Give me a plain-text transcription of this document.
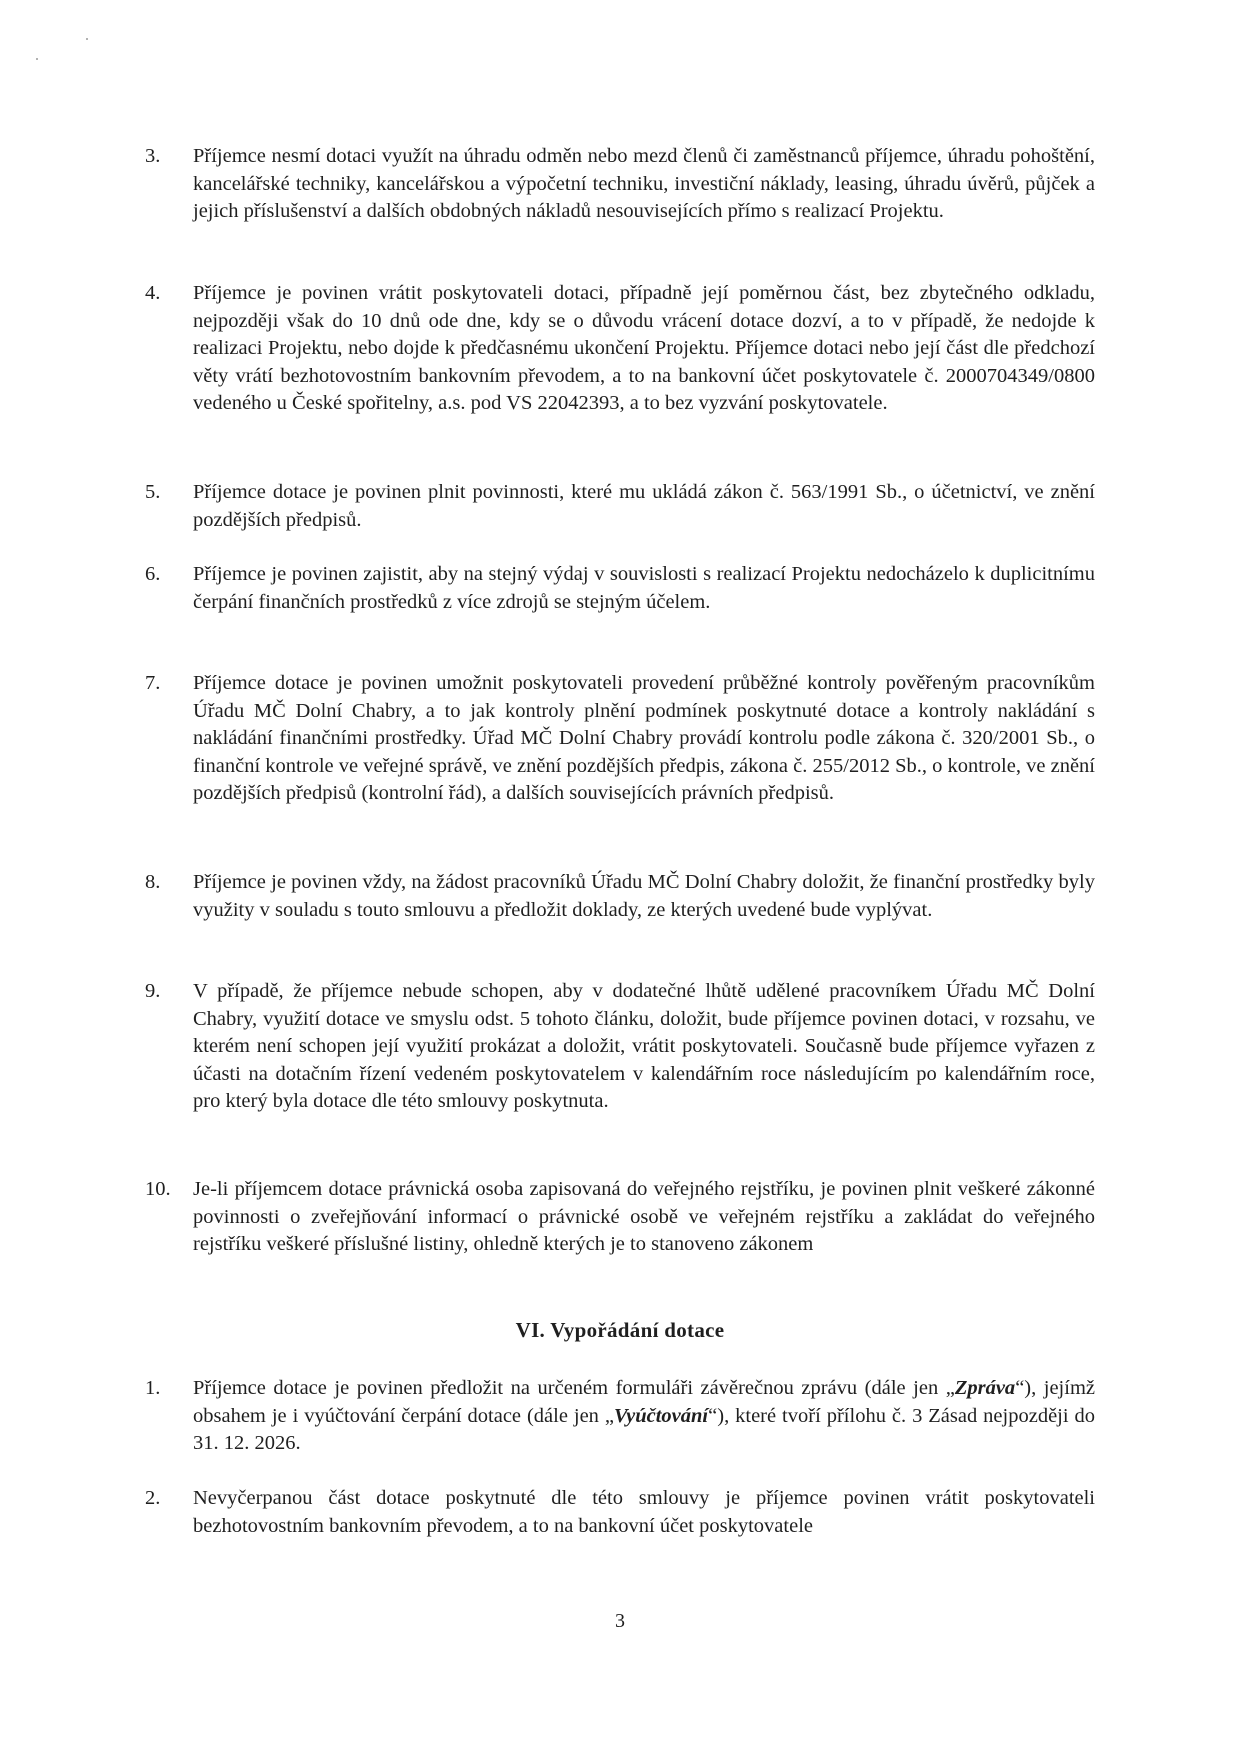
3.	Příjemce nesmí dotaci využít na úhradu odměn nebo mezd členů či zaměstnanců příjemce, úhradu pohoštění, kancelářské techniky, kancelářskou a výpočetní techniku, investiční náklady, leasing, úhradu úvěrů, půjček a jejich příslušenství a dalších obdobných nákladů nesouvisejících přímo s realizací Projektu.
4.	Příjemce je povinen vrátit poskytovateli dotaci, případně její poměrnou část, bez zbytečného odkladu, nejpozději však do 10 dnů ode dne, kdy se o důvodu vrácení dotace dozví, a to v případě, že nedojde k realizaci Projektu, nebo dojde k předčasnému ukončení Projektu. Příjemce dotaci nebo její část dle předchozí věty vrátí bezhotovostním bankovním převodem, a to na bankovní účet poskytovatele č. 2000704349/0800 vedeného u České spořitelny, a.s. pod VS 22042393, a to bez vyzvání poskytovatele.
5.	Příjemce dotace je povinen plnit povinnosti, které mu ukládá zákon č. 563/1991 Sb., o účetnictví, ve znění pozdějších předpisů.
6.	Příjemce je povinen zajistit, aby na stejný výdaj v souvislosti s realizací Projektu nedocházelo k duplicitnímu čerpání finančních prostředků z více zdrojů se stejným účelem.
7.	Příjemce dotace je povinen umožnit poskytovateli provedení průběžné kontroly pověřeným pracovníkům Úřadu MČ Dolní Chabry, a to jak kontroly plnění podmínek poskytnuté dotace a kontroly nakládání s nakládání finančními prostředky. Úřad MČ Dolní Chabry provádí kontrolu podle zákona č. 320/2001 Sb., o finanční kontrole ve veřejné správě, ve znění pozdějších předpis, zákona č. 255/2012 Sb., o kontrole, ve znění pozdějších předpisů (kontrolní řád), a dalších souvisejících právních předpisů.
8.	Příjemce je povinen vždy, na žádost pracovníků Úřadu MČ Dolní Chabry doložit, že finanční prostředky byly využity v souladu s touto smlouvu a předložit doklady, ze kterých uvedené bude vyplývat.
9.	V případě, že příjemce nebude schopen, aby v dodatečné lhůtě udělené pracovníkem Úřadu MČ Dolní Chabry, využití dotace ve smyslu odst. 5 tohoto článku, doložit, bude příjemce povinen dotaci, v rozsahu, ve kterém není schopen její využití prokázat a doložit, vrátit poskytovateli. Současně bude příjemce vyřazen z účasti na dotačním řízení vedeném poskytovatelem v kalendářním roce následujícím po kalendářním roce, pro který byla dotace dle této smlouvy poskytnuta.
10.	Je-li příjemcem dotace právnická osoba zapisovaná do veřejného rejstříku, je povinen plnit veškeré zákonné povinnosti o zveřejňování informací o právnické osobě ve veřejném rejstříku a zakládat do veřejného rejstříku veškeré příslušné listiny, ohledně kterých je to stanoveno zákonem
VI. Vypořádání dotace
1.	Příjemce dotace je povinen předložit na určeném formuláři závěrečnou zprávu (dále jen „Zpráva“), jejímž obsahem je i vyúčtování čerpání dotace (dále jen „Vyúčtování“), které tvoří přílohu č. 3 Zásad nejpozději do 31. 12. 2026.
2.	Nevyčerpanou část dotace poskytnuté dle této smlouvy je příjemce povinen vrátit poskytovateli bezhotovostním bankovním převodem, a to na bankovní účet poskytovatele
3
